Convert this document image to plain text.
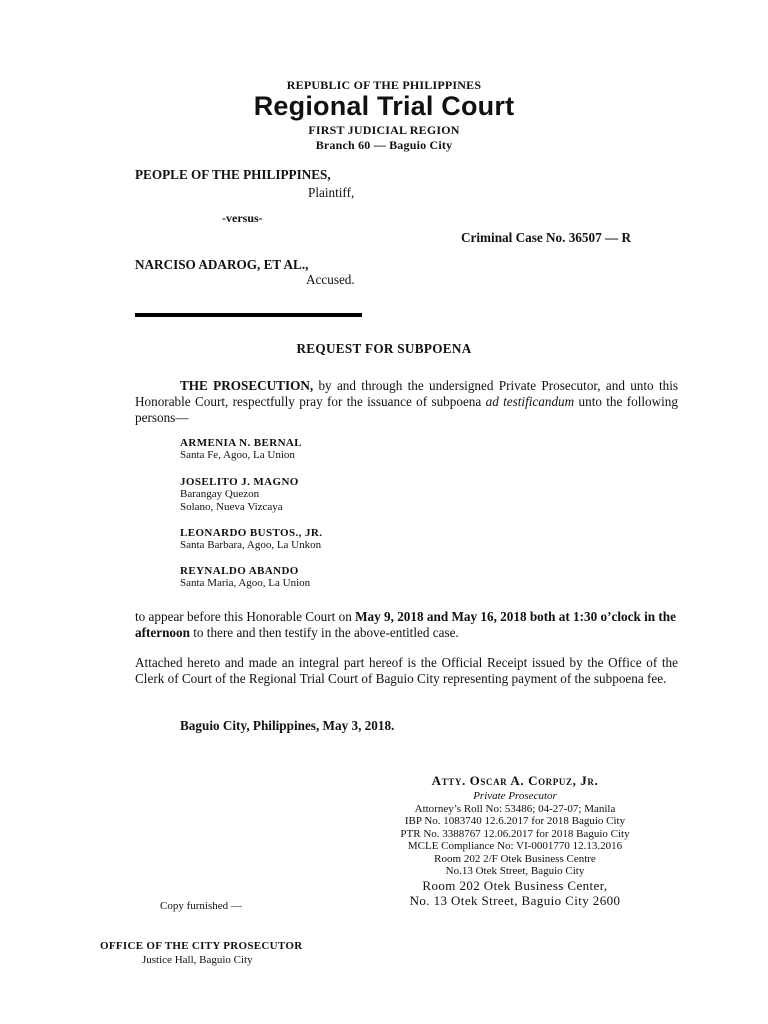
REPUBLIC OF THE PHILIPPINES
Regional Trial Court
FIRST JUDICIAL REGION
Branch 60 — Baguio City
PEOPLE OF THE PHILIPPINES,
Plaintiff,
-versus-
Criminal Case No. 36507 — R
NARCISO ADAROG, ET AL.,
Accused.
REQUEST FOR SUBPOENA
THE PROSECUTION, by and through the undersigned Private Prosecutor, and unto this Honorable Court, respectfully pray for the issuance of subpoena ad testificandum unto the following persons—
ARMENIA N. BERNAL
Santa Fe, Agoo, La Union
JOSELITO J. MAGNO
Barangay Quezon
Solano, Nueva Vizcaya
LEONARDO BUSTOS., JR.
Santa Barbara, Agoo, La Unkon
REYNALDO ABANDO
Santa Maria, Agoo, La Union
to appear before this Honorable Court on May 9, 2018 and May 16, 2018 both at 1:30 o’clock in the afternoon to there and then testify in the above-entitled case.
Attached hereto and made an integral part hereof is the Official Receipt issued by the Office of the Clerk of Court of the Regional Trial Court of Baguio City representing payment of the subpoena fee.
Baguio City, Philippines, May 3, 2018.
Atty. Oscar A. Corpuz, Jr.
Private Prosecutor
Attorney’s Roll No: 53486; 04-27-07; Manila
IBP No. 1083740 12.6.2017 for 2018 Baguio City
PTR No. 3388767 12.06.2017 for 2018 Baguio City
MCLE Compliance No: VI-0001770 12.13.2016
Room 202 2/F Otek Business Centre
No.13 Otek Street, Baguio City
Room 202 Otek Business Center,
No. 13 Otek Street, Baguio City 2600
Copy furnished —
OFFICE OF THE CITY PROSECUTOR
Justice Hall, Baguio City
